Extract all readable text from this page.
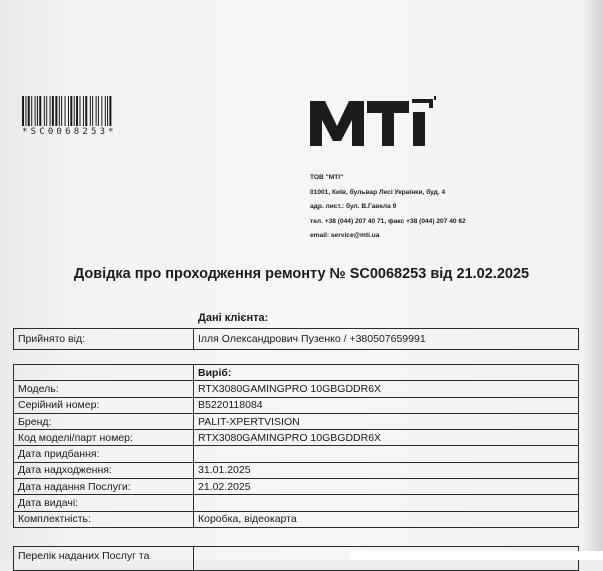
*SC0068253*
ТОВ "МТІ"
01001, Київ, бульвар Лесі Українки, буд. 4
адр. лист.: бул. В.Гавела 9
тел. +38 (044) 207 40 71, факс +38 (044) 207 40 62
email: service@mti.ua
Довідка про проходження ремонту № SC0068253 від 21.02.2025
Дані клієнта:
Прийнято від:	Ілля Олександрович Пузенко / +380507659991
	Виріб:
Модель:	RTX3080GAMINGPRO 10GBGDDR6X
Серійний номер:	B5220118084
Бренд:	PALIT-XPERTVISION
Код моделі/парт номер:	RTX3080GAMINGPRO 10GBGDDR6X
Дата придбання:	
Дата надходження:	31.01.2025
Дата надання Послуги:	21.02.2025
Дата видачі:	
Комплектність:	Коробка, відеокарта
Перелік наданих Послуг та	
